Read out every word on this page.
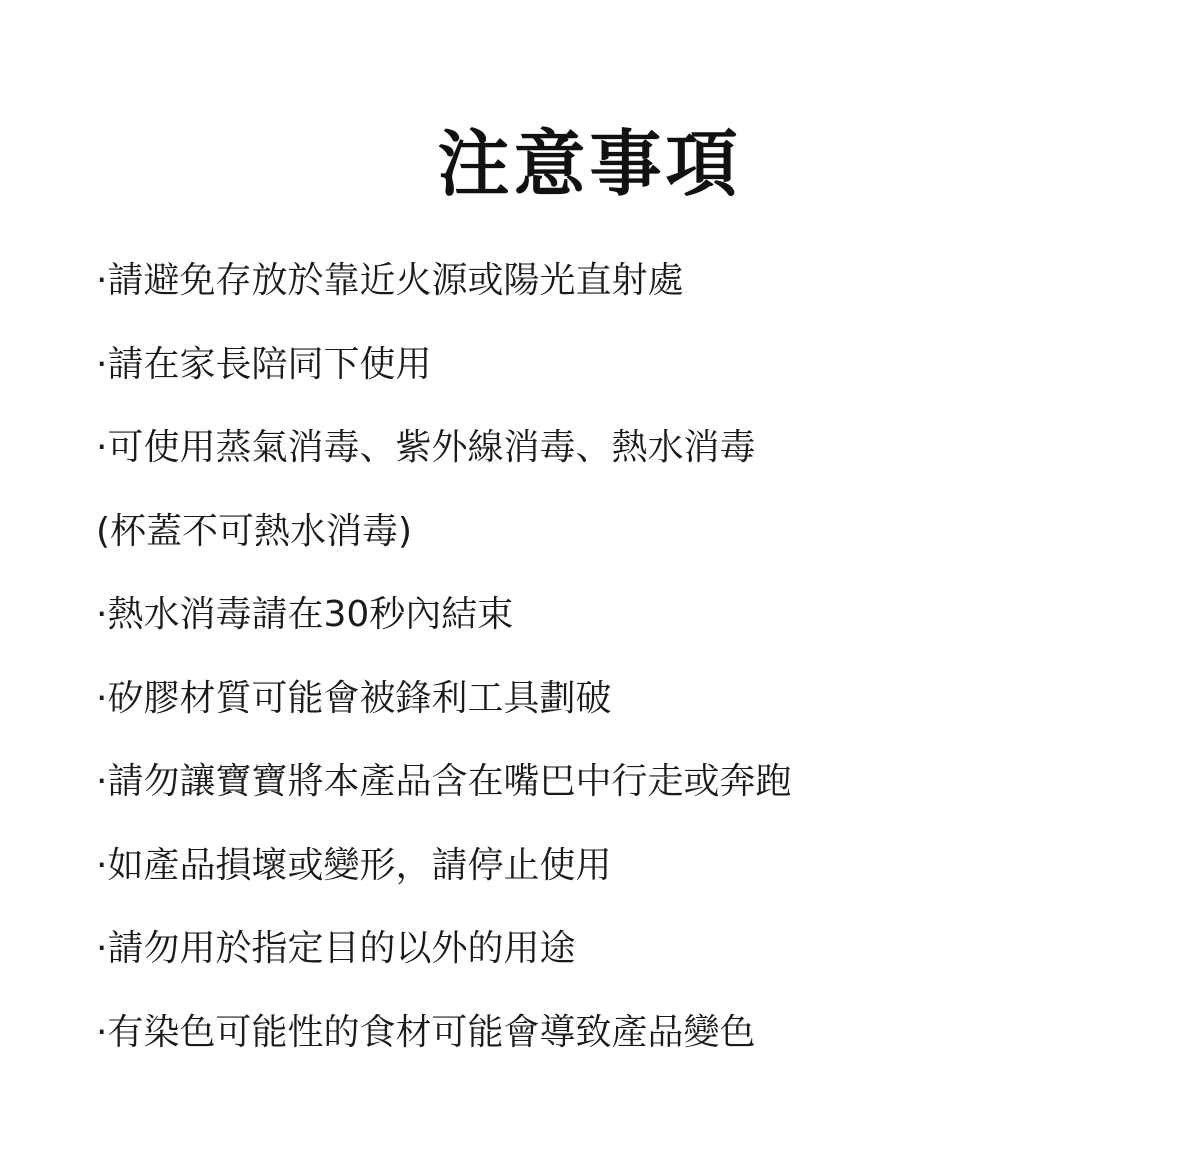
注意事項
·請避免存放於靠近火源或陽光直射處
·請在家長陪同下使用
·可使用蒸氣消毒、紫外線消毒、熱水消毒
(杯蓋不可熱水消毒)
·熱水消毒請在30秒內結束
·矽膠材質可能會被鋒利工具劃破
·請勿讓寶寶將本產品含在嘴巴中行走或奔跑
·如產品損壞或變形，請停止使用
·請勿用於指定目的以外的用途
·有染色可能性的食材可能會導致產品變色
